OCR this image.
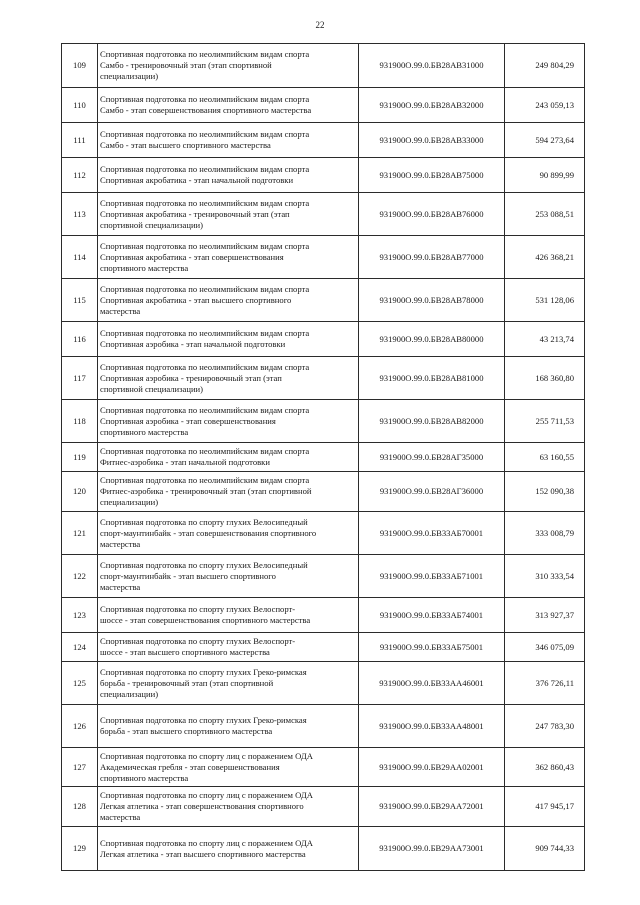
22
109	Спортивная подготовка по неолимпийским видам спорта
Самбо - тренировочный этап (этап спортивной
специализации)	931900О.99.0.БВ28АВ31000	249 804,29
110	Спортивная подготовка по неолимпийским видам спорта
Самбо - этап совершенствования спортивного мастерства	931900О.99.0.БВ28АВ32000	243 059,13
111	Спортивная подготовка по неолимпийским видам спорта
Самбо - этап высшего спортивного мастерства	931900О.99.0.БВ28АВ33000	594 273,64
112	Спортивная подготовка по неолимпийским видам спорта
Спортивная акробатика - этап начальной подготовки	931900О.99.0.БВ28АВ75000	90 899,99
113	Спортивная подготовка по неолимпийским видам спорта
Спортивная акробатика - тренировочный этап (этап
спортивной специализации)	931900О.99.0.БВ28АВ76000	253 088,51
114	Спортивная подготовка по неолимпийским видам спорта
Спортивная акробатика - этап совершенствования
спортивного мастерства	931900О.99.0.БВ28АВ77000	426 368,21
115	Спортивная подготовка по неолимпийским видам спорта
Спортивная акробатика - этап высшего спортивного
мастерства	931900О.99.0.БВ28АВ78000	531 128,06
116	Спортивная подготовка по неолимпийским видам спорта
Спортивная аэробика - этап начальной подготовки	931900О.99.0.БВ28АВ80000	43 213,74
117	Спортивная подготовка по неолимпийским видам спорта
Спортивная аэробика - тренировочный этап (этап
спортивной специализации)	931900О.99.0.БВ28АВ81000	168 360,80
118	Спортивная подготовка по неолимпийским видам спорта
Спортивная аэробика - этап совершенствования
спортивного мастерства	931900О.99.0.БВ28АВ82000	255 711,53
119	Спортивная подготовка по неолимпийским видам спорта
Фитнес-аэробика - этап начальной подготовки	931900О.99.0.БВ28АГ35000	63 160,55
120	Спортивная подготовка по неолимпийским видам спорта
Фитнес-аэробика - тренировочный этап (этап спортивной
специализации)	931900О.99.0.БВ28АГ36000	152 090,38
121	Спортивная подготовка по спорту глухих Велосипедный
спорт-маунтинбайк - этап совершенствования спортивного
мастерства	931900О.99.0.БВ33АБ70001	333 008,79
122	Спортивная подготовка по спорту глухих Велосипедный
спорт-маунтинбайк - этап высшего спортивного
мастерства	931900О.99.0.БВ33АБ71001	310 333,54
123	Спортивная подготовка по спорту глухих Велоспорт-
шоссе - этап совершенствования спортивного мастерства	931900О.99.0.БВ33АБ74001	313 927,37
124	Спортивная подготовка по спорту глухих Велоспорт-
шоссе - этап высшего спортивного мастерства	931900О.99.0.БВ33АБ75001	346 075,09
125	Спортивная подготовка по спорту глухих Греко-римская
борьба - тренировочный этап (этап спортивной
специализации)	931900О.99.0.БВ33АА46001	376 726,11
126	Спортивная подготовка по спорту глухих Греко-римская
борьба - этап высшего спортивного мастерства	931900О.99.0.БВ33АА48001	247 783,30
127	Спортивная подготовка по спорту лиц с поражением ОДА
Академическая гребля - этап совершенствования
спортивного мастерства	931900О.99.0.БВ29АА02001	362 860,43
128	Спортивная подготовка по спорту лиц с поражением ОДА
Легкая атлетика - этап совершенствования спортивного
мастерства	931900О.99.0.БВ29АА72001	417 945,17
129	Спортивная подготовка по спорту лиц с поражением ОДА
Легкая атлетика - этап высшего спортивного мастерства	931900О.99.0.БВ29АА73001	909 744,33
